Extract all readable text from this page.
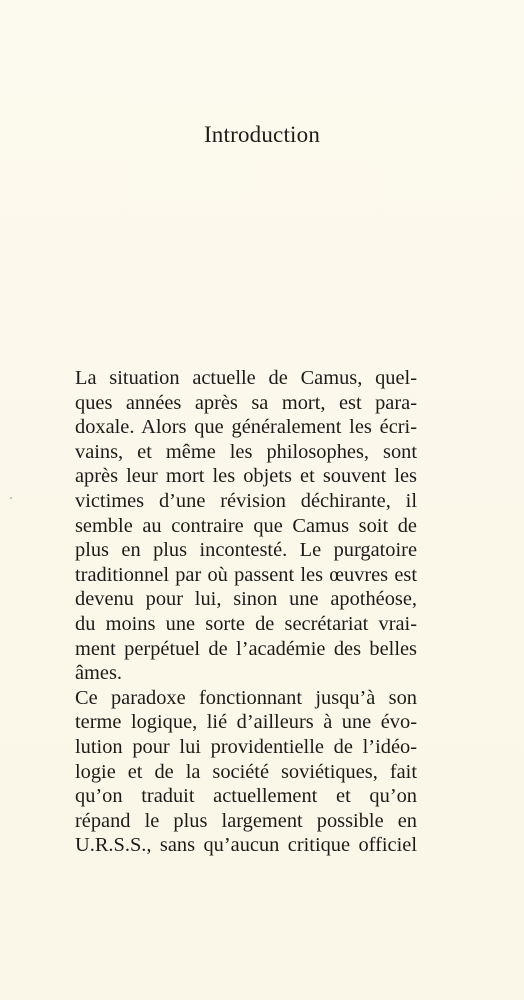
Introduction
La situation actuelle de Camus, quel-
ques années après sa mort, est para-
doxale. Alors que généralement les écri-
vains, et même les philosophes, sont
après leur mort les objets et souvent les
victimes d’une révision déchirante, il
semble au contraire que Camus soit de
plus en plus incontesté. Le purgatoire
traditionnel par où passent les œuvres est
devenu pour lui, sinon une apothéose,
du moins une sorte de secrétariat vrai-
ment perpétuel de l’académie des belles
âmes.
Ce paradoxe fonctionnant jusqu’à son
terme logique, lié d’ailleurs à une évo-
lution pour lui providentielle de l’idéo-
logie et de la société soviétiques, fait
qu’on traduit actuellement et qu’on
répand le plus largement possible en
U.R.S.S., sans qu’aucun critique officiel
